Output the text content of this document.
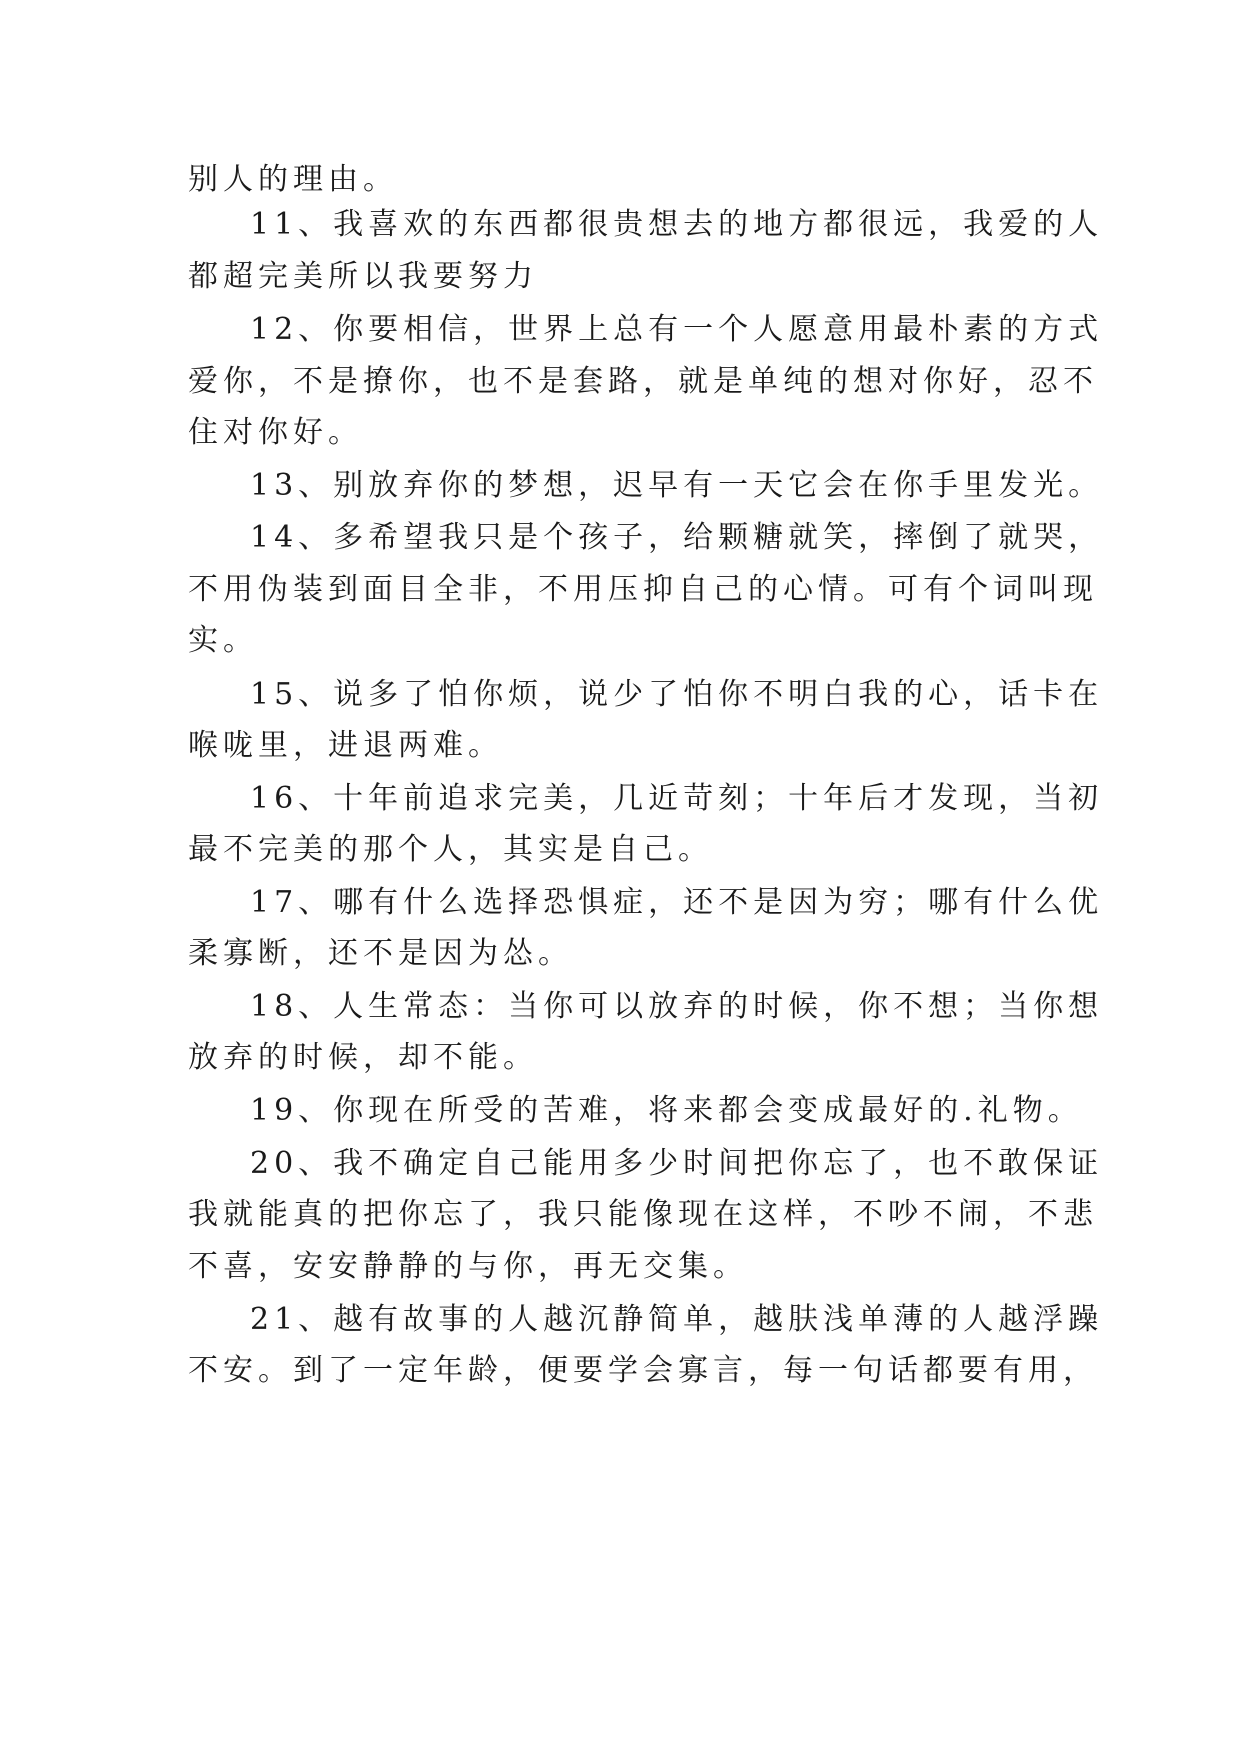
别人的理由。
11、我喜欢的东西都很贵想去的地方都很远，我爱的人
都超完美所以我要努力
12、你要相信，世界上总有一个人愿意用最朴素的方式
爱你，不是撩你，也不是套路，就是单纯的想对你好，忍不
住对你好。
13、别放弃你的梦想，迟早有一天它会在你手里发光。
14、多希望我只是个孩子，给颗糖就笑，摔倒了就哭，
不用伪装到面目全非，不用压抑自己的心情。可有个词叫现
实。
15、说多了怕你烦，说少了怕你不明白我的心，话卡在
喉咙里，进退两难。
16、十年前追求完美，几近苛刻；十年后才发现，当初
最不完美的那个人，其实是自己。
17、哪有什么选择恐惧症，还不是因为穷；哪有什么优
柔寡断，还不是因为怂。
18、人生常态：当你可以放弃的时候，你不想；当你想
放弃的时候，却不能。
19、你现在所受的苦难，将来都会变成最好的.礼物。
20、我不确定自己能用多少时间把你忘了，也不敢保证
我就能真的把你忘了，我只能像现在这样，不吵不闹，不悲
不喜，安安静静的与你，再无交集。
21、越有故事的人越沉静简单，越肤浅单薄的人越浮躁
不安。到了一定年龄，便要学会寡言，每一句话都要有用，
